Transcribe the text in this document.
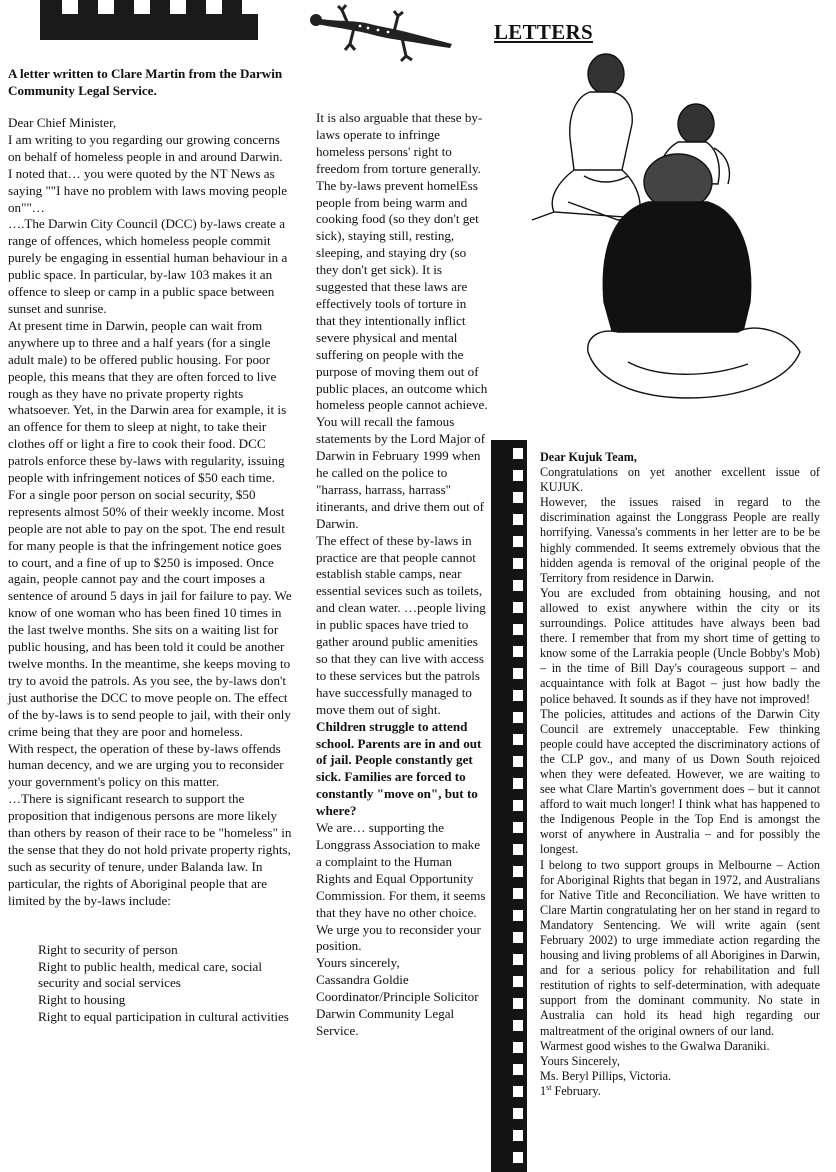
LETTERS

A letter written to Clare Martin from the Darwin Community Legal Service.

Dear Chief Minister,

I am writing to you regarding our growing concerns on behalf of homeless people in and around Darwin.

I noted that… you were quoted by the NT News as saying ""I have no problem with laws moving people on""…

….The Darwin City Council (DCC) by-laws create a range of offences, which homeless people commit purely be engaging in essential human behaviour in a public space. In particular, by-law 103 makes it an offence to sleep or camp in a public space between sunset and sunrise.

At present time in Darwin, people can wait from anywhere up to three and a half years (for a single adult male) to be offered public housing. For poor people, this means that they are often forced to live rough as they have no private property rights whatsoever. Yet, in the Darwin area for example, it is an offence for them to sleep at night, to take their clothes off or light a fire to cook their food. DCC patrols enforce these by-laws with regularity, issuing people with infringement notices of $50 each time. For a single poor person on social security, $50 represents almost 50% of their weekly income. Most people are not able to pay on the spot. The end result for many people is that the infringement notice goes to court, and a fine of up to $250 is imposed. Once again, people cannot pay and the court imposes a sentence of around 5 days in jail for failure to pay. We know of one woman who has been fined 10 times in the last twelve months. She sits on a waiting list for public housing, and has been told it could be another twelve months. In the meantime, she keeps moving to try to avoid the patrols. As you see, the by-laws don't just authorise the DCC to move people on. The effect of the by-laws is to send people to jail, with their only crime being that they are poor and homeless.

With respect, the operation of these by-laws offends human decency, and we are urging you to reconsider your government's policy on this matter.

…There is significant research to support the proposition that indigenous persons are more likely than others by reason of their race to be "homeless" in the sense that they do not hold private property rights, such as security of tenure, under Balanda law. In particular, the rights of Aboriginal people that are limited by the by-laws include:

Right to security of person

Right to public health, medical care, social security and social services

Right to housing

Right to equal participation in cultural activities

It is also arguable that these by-laws operate to infringe homeless persons' right to freedom from torture generally. The by-laws prevent homelEss people from being warm and cooking food (so they don't get sick), staying still, resting, sleeping, and staying dry (so they don't get sick). It is suggested that these laws are effectively tools of torture in that they intentionally inflict severe physical and mental suffering on people with the purpose of moving them out of public places, an outcome which homeless people cannot achieve. You will recall the famous statements by the Lord Major of Darwin in February 1999 when he called on the police to "harrass, harrass, harrass" itinerants, and drive them out of Darwin.

The effect of these by-laws in practice are that people cannot establish stable camps, near essential sevices such as toilets, and clean water. …people living in public spaces have tried to gather around public amenities so that they can live with access to these services but the patrols have successfully managed to move them out of sight.

Children struggle to attend school. Parents are in and out of jail. People constantly get sick. Families are forced to constantly "move on", but to where?

We are… supporting the Longgrass Association to make a complaint to the Human Rights and Equal Opportunity Commission. For them, it seems that they have no other choice.

We urge you to reconsider your position.

Yours sincerely,

Cassandra Goldie

Coordinator/Principle Solicitor

Darwin Community Legal Service.

Dear Kujuk Team,

Congratulations on yet another excellent issue of KUJUK.

However, the issues raised in regard to the discrimination against the Longgrass People are really horrifying. Vanessa's comments in her letter are to be be highly commended. It seems extremely obvious that the hidden agenda is removal of the original people of the Territory from residence in Darwin.

You are excluded from obtaining housing, and not allowed to exist anywhere within the city or its surroundings. Police attitudes have always been bad there. I remember that from my short time of getting to know some of the Larrakia people (Uncle Bobby's Mob) – in the time of Bill Day's courageous support – and acquaintance with folk at Bagot – just how badly the police behaved. It sounds as if they have not improved!

The policies, attitudes and actions of the Darwin City Council are extremely unacceptable. Few thinking people could have accepted the discriminatory actions of the CLP gov., and many of us Down South rejoiced when they were defeated. However, we are waiting to see what Clare Martin's government does – but it cannot afford to wait much longer! I think what has happened to the Indigenous People in the Top End is amongst the worst of anywhere in Australia – and for possibly the longest.

I belong to two support groups in Melbourne – Action for Aboriginal Rights that began in 1972, and Australians for Native Title and Reconciliation. We have written to Clare Martin congratulating her on her stand in regard to Mandatory Sentencing. We will write again (sent February 2002) to urge immediate action regarding the housing and living problems of all Aborigines in Darwin, and for a serious policy for rehabilitation and full restitution of rights to self-determination, with adequate support from the dominant community. No state in Australia can hold its head high regarding our maltreatment of the original owners of our land.

Warmest good wishes to the Gwalwa Daraniki.

Yours Sincerely,

Ms. Beryl Pillips, Victoria.

1st February.
